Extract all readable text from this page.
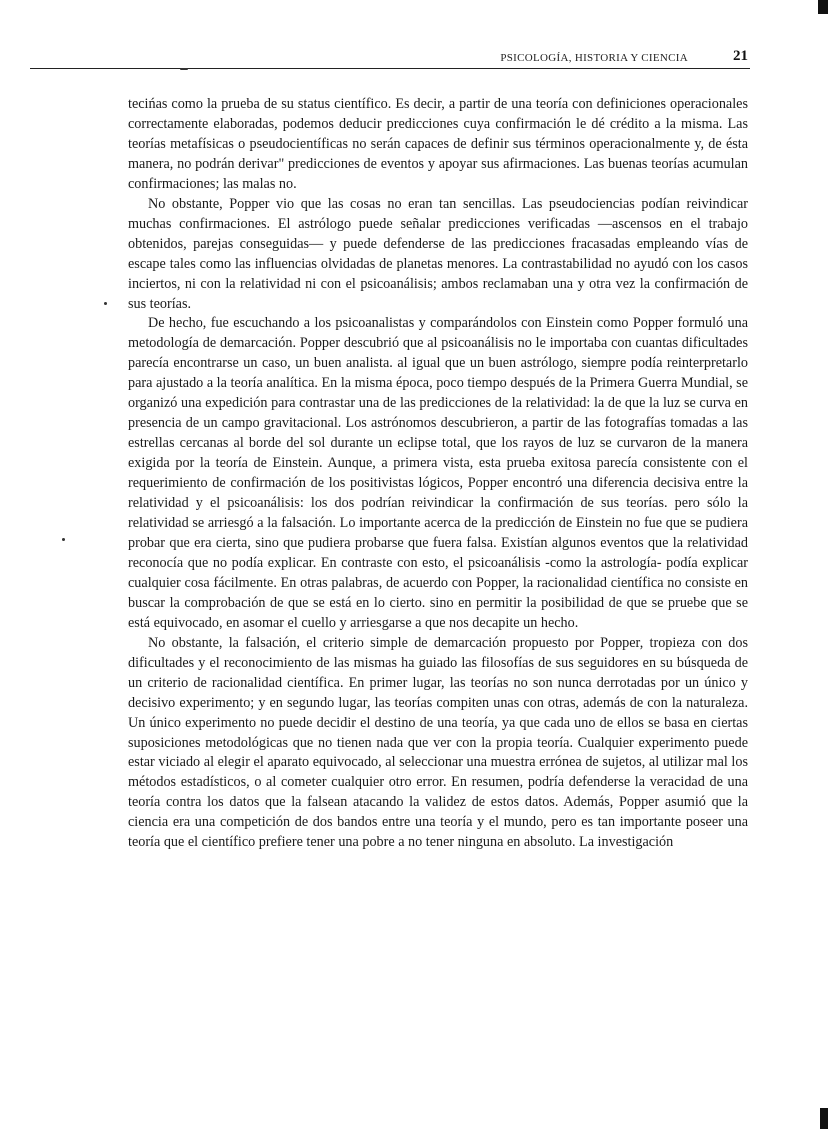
PSICOLOGÍA, HISTORIA Y CIENCIA	21

tecińas como la prueba de su status científico. Es decir, a partir de una teoría con definiciones operacionales correctamente elaboradas, podemos deducir predicciones cuya confirmación le dé crédito a la misma. Las teorías metafísicas o pseudocientíficas no serán capaces de definir sus términos operacionalmente y, de ésta manera, no podrán derivar" predicciones de eventos y apoyar sus afirmaciones. Las buenas teorías acumulan confirmaciones; las malas no.

No obstante, Popper vio que las cosas no eran tan sencillas. Las pseudociencias podían reivindicar muchas confirmaciones. El astrólogo puede señalar predicciones verificadas —ascensos en el trabajo obtenidos, parejas conseguidas— y puede defenderse de las predicciones fracasadas empleando vías de escape tales como las influencias olvidadas de planetas menores. La contrastabilidad no ayudó con los casos inciertos, ni con la relatividad ni con el psicoanálisis; ambos reclamaban una y otra vez la confirmación de sus teorías.

De hecho, fue escuchando a los psicoanalistas y comparándolos con Einstein como Popper formuló una metodología de demarcación. Popper descubrió que al psicoanálisis no le importaba con cuantas dificultades parecía encontrarse un caso, un buen analista. al igual que un buen astrólogo, siempre podía reinterpretarlo para ajustado a la teoría analítica. En la misma época, poco tiempo después de la Primera Guerra Mundial, se organizó una expedición para contrastar una de las predicciones de la relatividad: la de que la luz se curva en presencia de un campo gravitacional. Los astrónomos descubrieron, a partir de las fotografías tomadas a las estrellas cercanas al borde del sol durante un eclipse total, que los rayos de luz se curvaron de la manera exigida por la teoría de Einstein. Aunque, a primera vista, esta prueba exitosa parecía consistente con el requerimiento de confirmación de los positivistas lógicos, Popper encontró una diferencia decisiva entre la relatividad y el psicoanálisis: los dos podrían reivindicar la confirmación de sus teorías. pero sólo la relatividad se arriesgó a la falsación. Lo importante acerca de la predicción de Einstein no fue que se pudiera probar que era cierta, sino que pudiera probarse que fuera falsa. Existían algunos eventos que la relatividad reconocía que no podía explicar. En contraste con esto, el psicoanálisis -como la astrología- podía explicar cualquier cosa fácilmente. En otras palabras, de acuerdo con Popper, la racionalidad científica no consiste en buscar la comprobación de que se está en lo cierto. sino en permitir la posibilidad de que se pruebe que se está equivocado, en asomar el cuello y arriesgarse a que nos decapite un hecho.

No obstante, la falsación, el criterio simple de demarcación propuesto por Popper, tropieza con dos dificultades y el reconocimiento de las mismas ha guiado las filosofías de sus seguidores en su búsqueda de un criterio de racionalidad científica. En primer lugar, las teorías no son nunca derrotadas por un único y decisivo experimento; y en segundo lugar, las teorías compiten unas con otras, además de con la naturaleza. Un único experimento no puede decidir el destino de una teoría, ya que cada uno de ellos se basa en ciertas suposiciones metodológicas que no tienen nada que ver con la propia teoría. Cualquier experimento puede estar viciado al elegir el aparato equivocado, al seleccionar una muestra errónea de sujetos, al utilizar mal los métodos estadísticos, o al cometer cualquier otro error. En resumen, podría defenderse la veracidad de una teoría contra los datos que la falsean atacando la validez de estos datos. Además, Popper asumió que la ciencia era una competición de dos bandos entre una teoría y el mundo, pero es tan importante poseer una teoría que el científico prefiere tener una pobre a no tener ninguna en absoluto. La investigación
